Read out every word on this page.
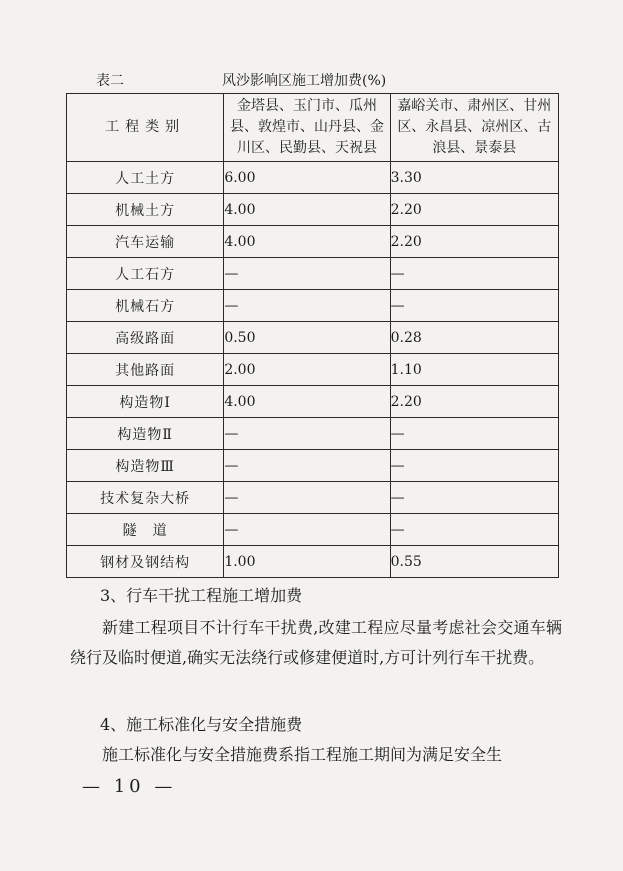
表二	风沙影响区施工增加费(%)
工程类别	金塔县、玉门市、瓜州县、敦煌市、山丹县、金川区、民勤县、天祝县	嘉峪关市、肃州区、甘州区、永昌县、凉州区、古浪县、景泰县
人工土方	6.00	3.30
机械土方	4.00	2.20
汽车运输	4.00	2.20
人工石方	—	—
机械石方	—	—
高级路面	0.50	0.28
其他路面	2.00	1.10
构造物Ⅰ	4.00	2.20
构造物Ⅱ	—	—
构造物Ⅲ	—	—
技术复杂大桥	—	—
隧　道	—	—
钢材及钢结构	1.00	0.55
3、行车干扰工程施工增加费
新建工程项目不计行车干扰费,改建工程应尽量考虑社会交通车辆绕行及临时便道,确实无法绕行或修建便道时,方可计列行车干扰费。
4、施工标准化与安全措施费
施工标准化与安全措施费系指工程施工期间为满足安全生
— 10 —
